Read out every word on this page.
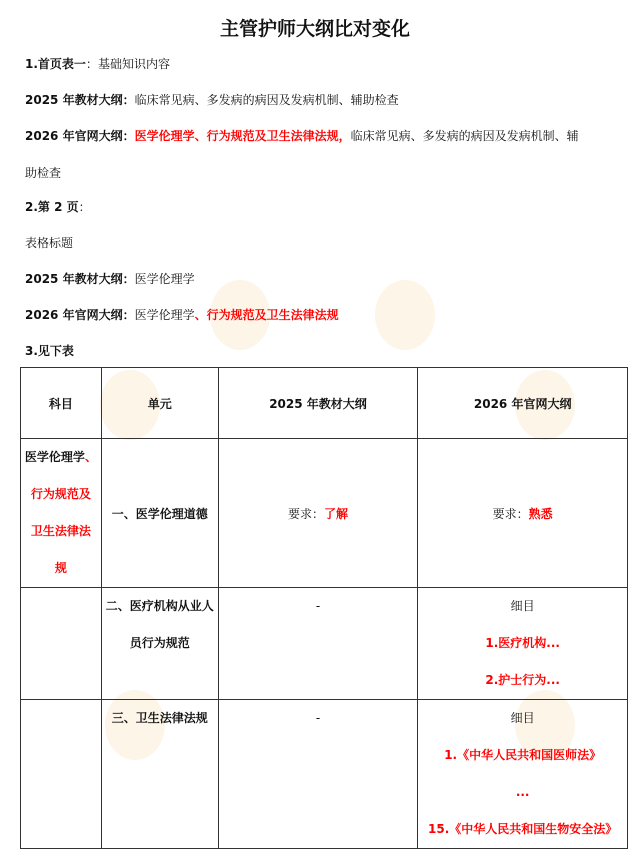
主管护师大纲比对变化
1.首页表一：基础知识内容
2025 年教材大纲：临床常见病、多发病的病因及发病机制、辅助检查
2026 年官网大纲：医学伦理学、行为规范及卫生法律法规，临床常见病、多发病的病因及发病机制、辅
助检查
2.第 2 页：
表格标题
2025 年教材大纲：医学伦理学
2026 年官网大纲：医学伦理学、行为规范及卫生法律法规
3.见下表
科目	单元	2025 年教材大纲	2026 年官网大纲

医学伦理学、
行为规范及
卫生法律法
规	一、医学伦理道德	要求：了解	要求：熟悉

	二、医疗机构从业人
员行为规范	-	细目
1.医疗机构...
2.护士行为...

	三、卫生法律法规	-	细目
1.《中华人民共和国医师法》
...
15.《中华人民共和国生物安全法》
